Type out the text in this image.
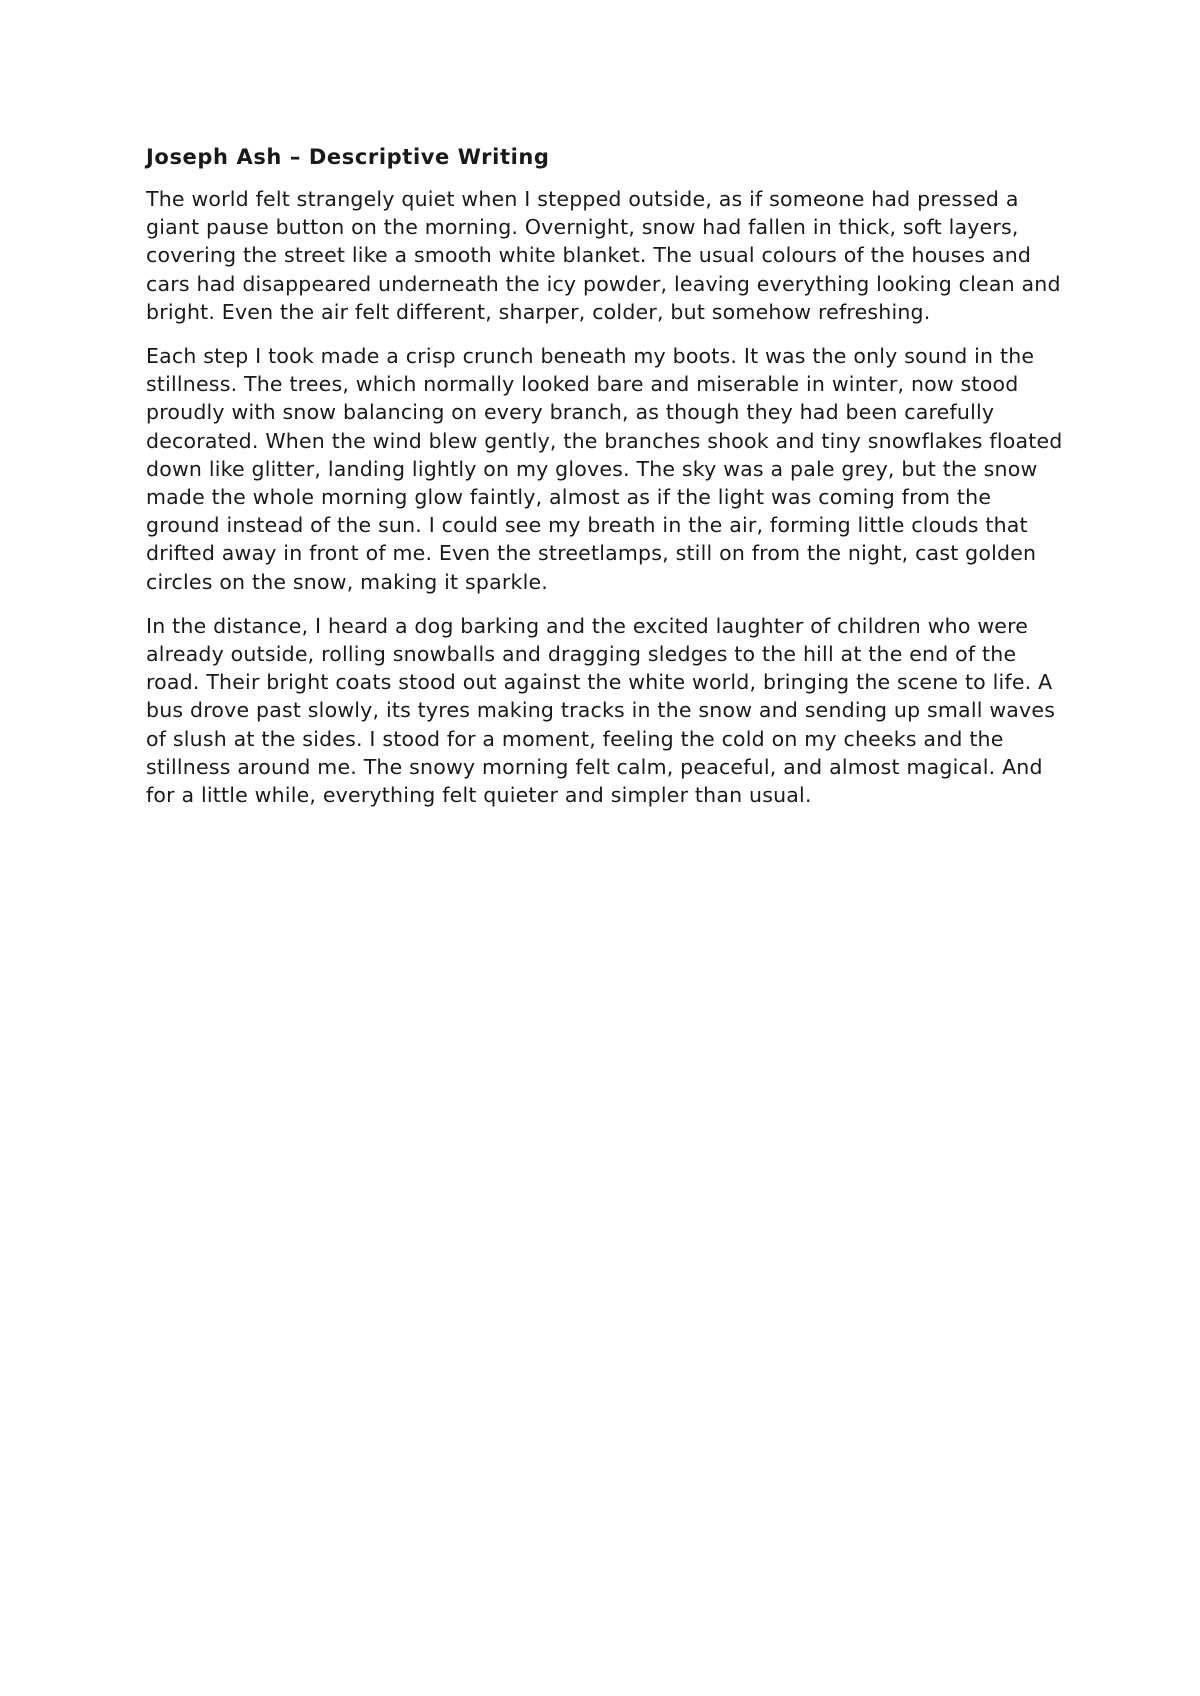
Joseph Ash – Descriptive Writing

The world felt strangely quiet when I stepped outside, as if someone had pressed a giant pause button on the morning. Overnight, snow had fallen in thick, soft layers, covering the street like a smooth white blanket. The usual colours of the houses and cars had disappeared underneath the icy powder, leaving everything looking clean and bright. Even the air felt different, sharper, colder, but somehow refreshing.

Each step I took made a crisp crunch beneath my boots. It was the only sound in the stillness. The trees, which normally looked bare and miserable in winter, now stood proudly with snow balancing on every branch, as though they had been carefully decorated. When the wind blew gently, the branches shook and tiny snowflakes floated down like glitter, landing lightly on my gloves. The sky was a pale grey, but the snow made the whole morning glow faintly, almost as if the light was coming from the ground instead of the sun. I could see my breath in the air, forming little clouds that drifted away in front of me. Even the streetlamps, still on from the night, cast golden circles on the snow, making it sparkle.

In the distance, I heard a dog barking and the excited laughter of children who were already outside, rolling snowballs and dragging sledges to the hill at the end of the road. Their bright coats stood out against the white world, bringing the scene to life. A bus drove past slowly, its tyres making tracks in the snow and sending up small waves of slush at the sides. I stood for a moment, feeling the cold on my cheeks and the stillness around me. The snowy morning felt calm, peaceful, and almost magical. And for a little while, everything felt quieter and simpler than usual.
